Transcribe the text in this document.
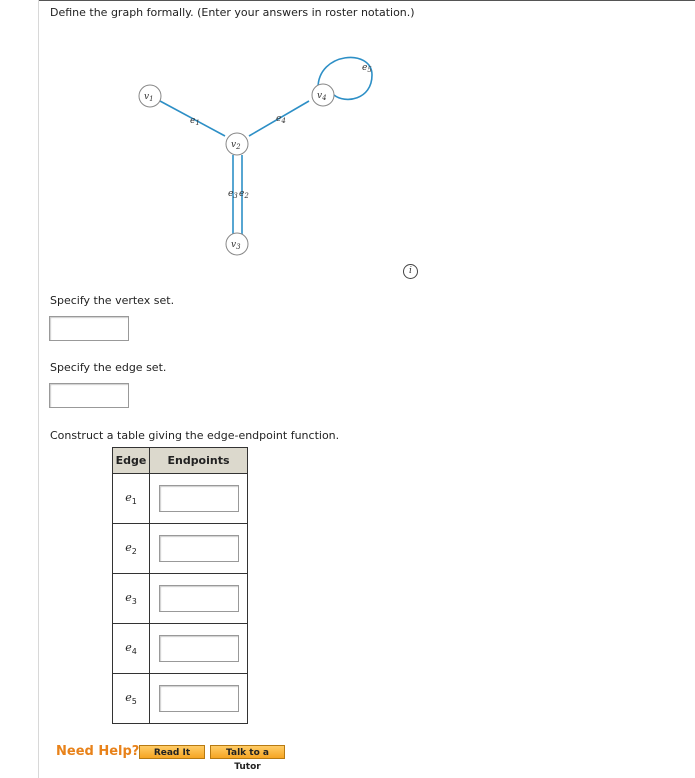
Define the graph formally. (Enter your answers in roster notation.)
$v_1$
$v_2$
$v_3$
$v_4$
$e_1$	$e_4$
$e_3$ $e_2$
$e_5$
i
Specify the vertex set.
Specify the edge set.
Construct a table giving the edge-endpoint function.
Edge	Endpoints
$e_1$	

$e_2$	

$e_3$	

$e_4$	

$e_5$	
Need Help?	Read It	Talk to a Tutor
